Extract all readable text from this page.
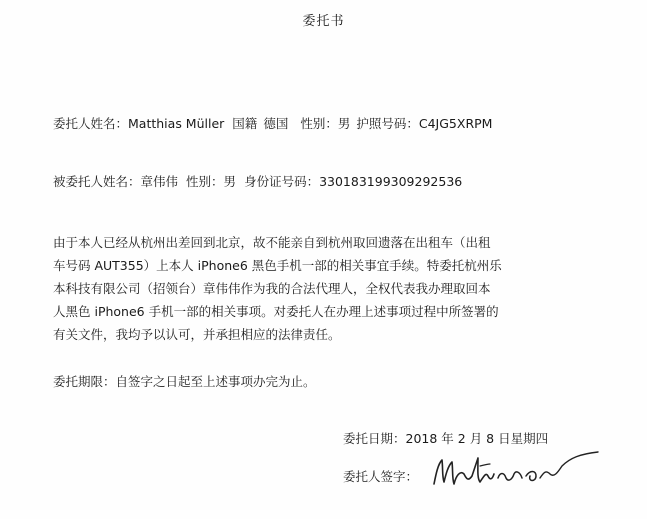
委托书
委托人姓名：Matthias Müller 国籍 德国 性别：男 护照号码：C4JG5XRPM
被委托人姓名：章伟伟 性别：男 身份证号码：330183199309292536
由于本人已经从杭州出差回到北京，故不能亲自到杭州取回遗落在出租车（出租
车号码 AUT355）上本人 iPhone6 黑色手机一部的相关事宜手续。特委托杭州乐
本科技有限公司（招领台）章伟伟作为我的合法代理人，全权代表我办理取回本
人黑色 iPhone6 手机一部的相关事项。对委托人在办理上述事项过程中所签署的
有关文件，我均予以认可，并承担相应的法律责任。
委托期限：自签字之日起至上述事项办完为止。
委托日期：2018 年 2 月 8 日星期四
委托人签字：
